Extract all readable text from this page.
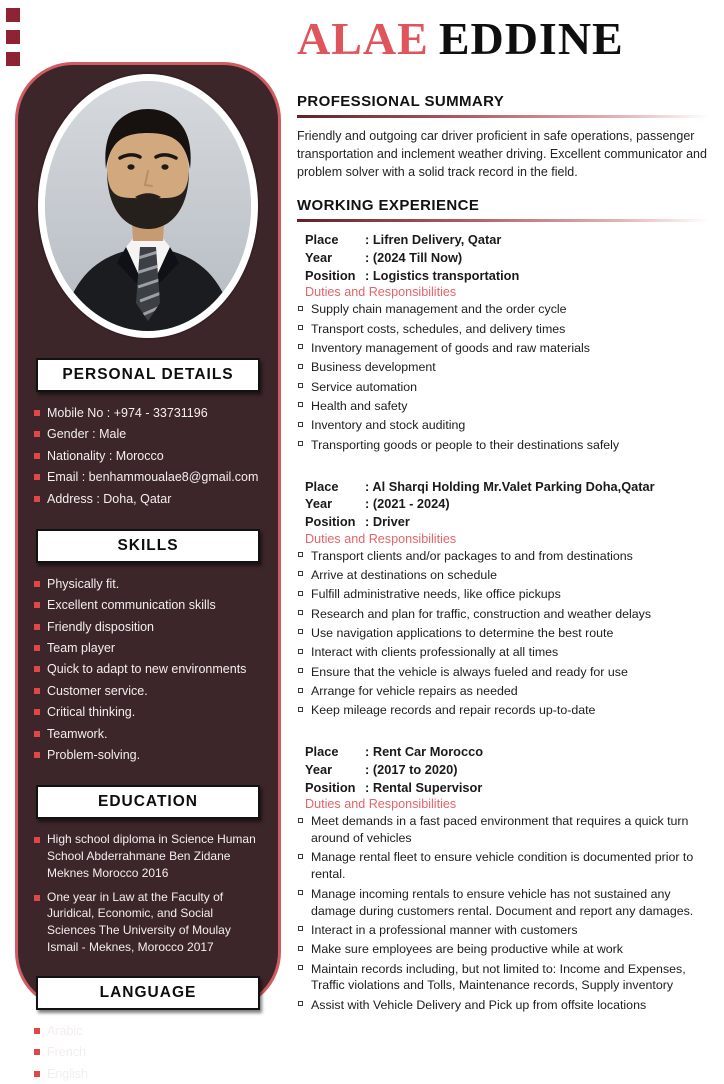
PERSONAL DETAILS
Mobile No : +974 - 33731196
Gender : Male
Nationality : Morocco
Email : benhammoualae8@gmail.com
Address : Doha, Qatar
SKILLS
Physically fit.
Excellent communication skills
Friendly disposition
Team player
Quick to adapt to new environments
Customer service.
Critical thinking.
Teamwork.
Problem-solving.
EDUCATION
High school diploma in Science Human School Abderrahmane Ben Zidane Meknes Morocco 2016
One year in Law at the Faculty of Juridical, Economic, and Social Sciences The University of Moulay Ismail - Meknes, Morocco 2017
LANGUAGE
Arabic
French
English
ALAE EDDINE
PROFESSIONAL SUMMARY

Friendly and outgoing car driver proficient in safe operations, passenger transportation and inclement weather driving. Excellent communicator and problem solver with a solid track record in the field.

WORKING EXPERIENCE
Place	: Lifren Delivery, Qatar
Year	: (2024 Till Now)
Position	: Logistics transportation
Duties and Responsibilities
Supply chain management and the order cycle
Transport costs, schedules, and delivery times
Inventory management of goods and raw materials
Business development
Service automation
Health and safety
Inventory and stock auditing
Transporting goods or people to their destinations safely
Place	: Al Sharqi Holding Mr.Valet Parking Doha,Qatar
Year	: (2021 - 2024)
Position	: Driver
Duties and Responsibilities
Transport clients and/or packages to and from destinations
Arrive at destinations on schedule
Fulfill administrative needs, like office pickups
Research and plan for traffic, construction and weather delays
Use navigation applications to determine the best route
Interact with clients professionally at all times
Ensure that the vehicle is always fueled and ready for use
Arrange for vehicle repairs as needed
Keep mileage records and repair records up-to-date
Place	: Rent Car Morocco
Year	: (2017 to 2020)
Position	: Rental Supervisor
Duties and Responsibilities
Meet demands in a fast paced environment that requires a quick turn around of vehicles
Manage rental fleet to ensure vehicle condition is documented prior to rental.
Manage incoming rentals to ensure vehicle has not sustained any damage during customers rental. Document and report any damages.
Interact in a professional manner with customers
Make sure employees are being productive while at work
Maintain records including, but not limited to: Income and Expenses, Traffic violations and Tolls, Maintenance records, Supply inventory
Assist with Vehicle Delivery and Pick up from offsite locations
